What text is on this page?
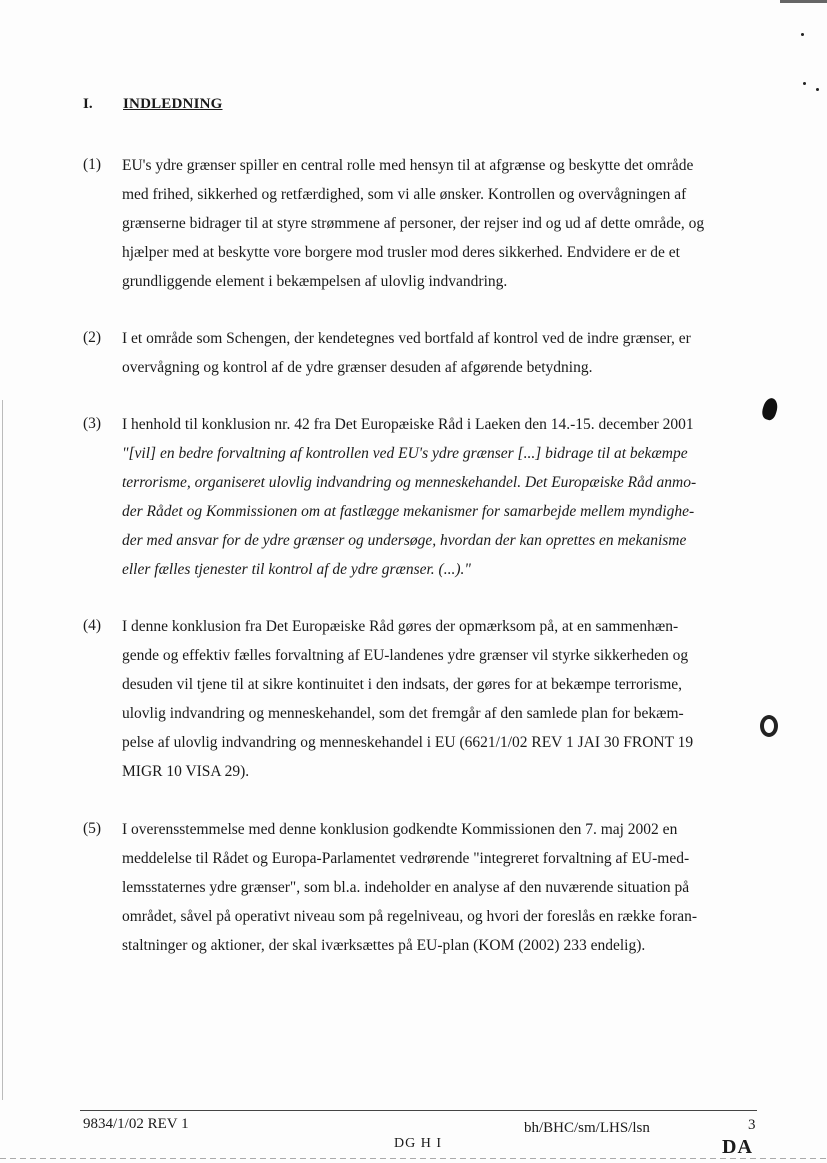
I. INDLEDNING
(1) EU's ydre grænser spiller en central rolle med hensyn til at afgrænse og beskytte det område
med frihed, sikkerhed og retfærdighed, som vi alle ønsker. Kontrollen og overvågningen af
grænserne bidrager til at styre strømmene af personer, der rejser ind og ud af dette område, og
hjælper med at beskytte vore borgere mod trusler mod deres sikkerhed. Endvidere er de et
grundliggende element i bekæmpelsen af ulovlig indvandring.
(2) I et område som Schengen, der kendetegnes ved bortfald af kontrol ved de indre grænser, er
overvågning og kontrol af de ydre grænser desuden af afgørende betydning.
(3) I henhold til konklusion nr. 42 fra Det Europæiske Råd i Laeken den 14.-15. december 2001
"[vil] en bedre forvaltning af kontrollen ved EU's ydre grænser [...] bidrage til at bekæmpe
terrorisme, organiseret ulovlig indvandring og menneskehandel. Det Europæiske Råd anmo-
der Rådet og Kommissionen om at fastlægge mekanismer for samarbejde mellem myndighe-
der med ansvar for de ydre grænser og undersøge, hvordan der kan oprettes en mekanisme
eller fælles tjenester til kontrol af de ydre grænser. (...)."
(4) I denne konklusion fra Det Europæiske Råd gøres der opmærksom på, at en sammenhæn-
gende og effektiv fælles forvaltning af EU-landenes ydre grænser vil styrke sikkerheden og
desuden vil tjene til at sikre kontinuitet i den indsats, der gøres for at bekæmpe terrorisme,
ulovlig indvandring og menneskehandel, som det fremgår af den samlede plan for bekæm-
pelse af ulovlig indvandring og menneskehandel i EU (6621/1/02 REV 1 JAI 30 FRONT 19
MIGR 10 VISA 29).
(5) I overensstemmelse med denne konklusion godkendte Kommissionen den 7. maj 2002 en
meddelelse til Rådet og Europa-Parlamentet vedrørende "integreret forvaltning af EU-med-
lemsstaternes ydre grænser", som bl.a. indeholder en analyse af den nuværende situation på
området, såvel på operativt niveau som på regelniveau, og hvori der foreslås en række foran-
staltninger og aktioner, der skal iværksættes på EU-plan (KOM (2002) 233 endelig).
9834/1/02 REV 1
DG H I
bh/BHC/sm/LHS/lsn	3
DA
